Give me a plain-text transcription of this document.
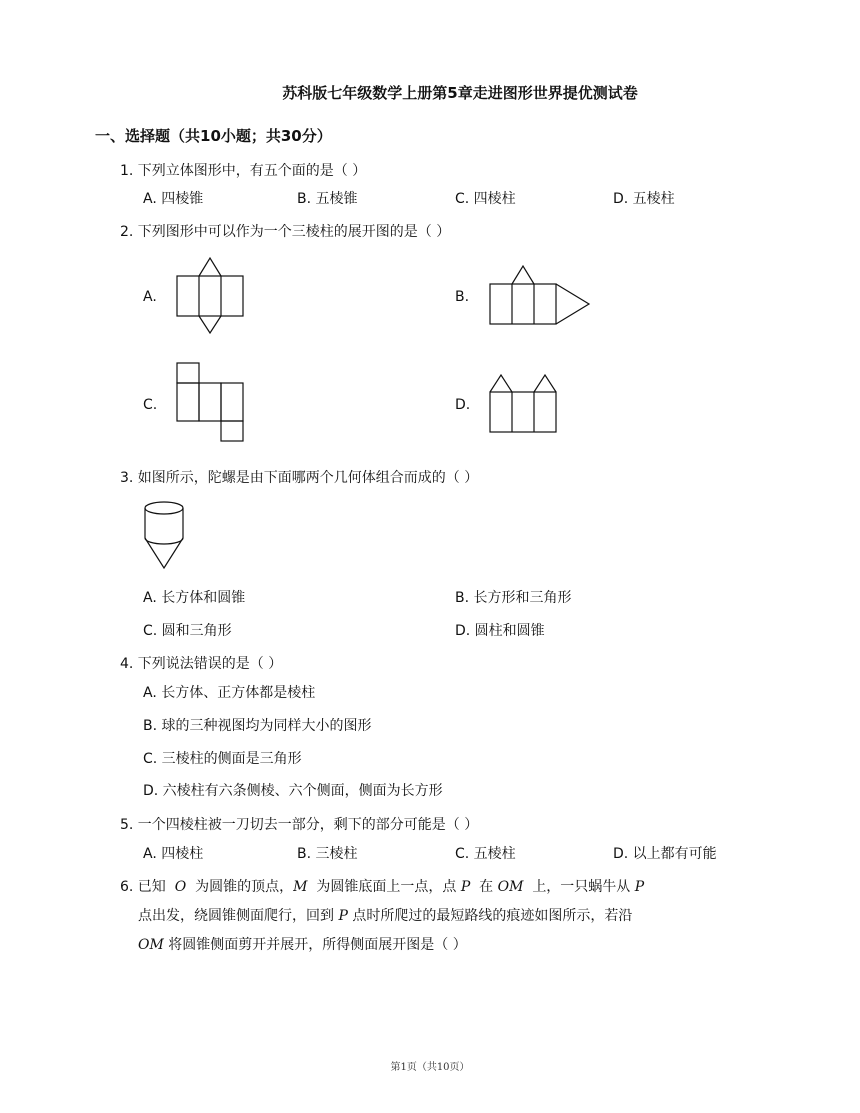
苏科版七年级数学上册第5章走进图形世界提优测试卷
一、选择题（共10小题；共30分）
1. 下列立体图形中，有五个面的是（ ）
A. 四棱锥	B. 五棱锥	C. 四棱柱	D. 五棱柱
2. 下列图形中可以作为一个三棱柱的展开图的是（ ）
A.	B.
C.	D.
3. 如图所示，陀螺是由下面哪两个几何体组合而成的（ ）
A. 长方体和圆锥	B. 长方形和三角形
C. 圆和三角形	D. 圆柱和圆锥
4. 下列说法错误的是（ ）
A. 长方体、正方体都是棱柱
B. 球的三种视图均为同样大小的图形
C. 三棱柱的侧面是三角形
D. 六棱柱有六条侧棱、六个侧面，侧面为长方形
5. 一个四棱柱被一刀切去一部分，剩下的部分可能是（ ）
A. 四棱柱	B. 三棱柱	C. 五棱柱	D. 以上都有可能
6. 已知 O 为圆锥的顶点，M 为圆锥底面上一点，点 P 在 OM 上，一只蜗牛从 P
点出发，绕圆锥侧面爬行，回到 P 点时所爬过的最短路线的痕迹如图所示，若沿
OM 将圆锥侧面剪开并展开，所得侧面展开图是（ ）
第1页（共10页）
